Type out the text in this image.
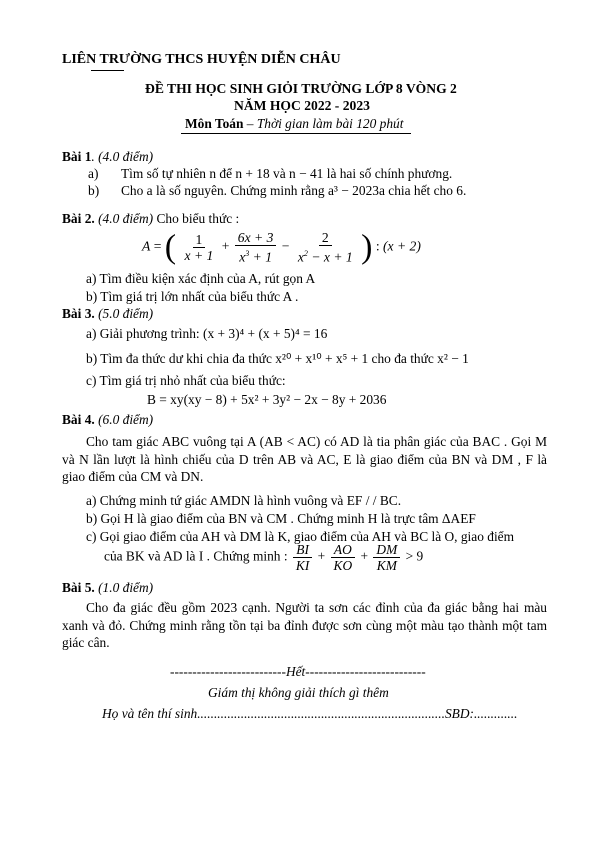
LIÊN TRƯỜNG THCS HUYỆN DIỄN CHÂU
ĐỀ THI HỌC SINH GIỎI TRƯỜNG LỚP 8 VÒNG 2
NĂM HỌC 2022 - 2023
Môn Toán – Thời gian làm bài 120 phút
Bài 1. (4.0 điểm)
a) Tìm số tự nhiên n để n + 18 và n − 41 là hai số chính phương.
b) Cho a là số nguyên. Chứng minh rằng a³ − 2023a chia hết cho 6.
Bài 2. (4.0 điểm) Cho biểu thức :
A = ( $\frac{1}{x + 1} + \frac{6x + 3}{x^3 + 1} - \frac{2}{x^2 - x + 1}$ ) : (x + 2)
a) Tìm điều kiện xác định của A, rút gọn A
b) Tìm giá trị lớn nhất của biểu thức A .
Bài 3. (5.0 điểm)
a) Giải phương trình: (x + 3)⁴ + (x + 5)⁴ = 16
b) Tìm đa thức dư khi chia đa thức x²⁰ + x¹⁰ + x⁵ + 1 cho đa thức x² − 1
c) Tìm giá trị nhỏ nhất của biểu thức:
B = xy(xy − 8) + 5x² + 3y² − 2x − 8y + 2036
Bài 4. (6.0 điểm)
Cho tam giác ABC vuông tại A (AB < AC) có AD là tia phân giác của BAC . Gọi M và N lần lượt là hình chiếu của D trên AB và AC, E là giao điểm của BN và DM , F là giao điểm của CM và DN.
a) Chứng minh tứ giác AMDN là hình vuông và EF / / BC.
b) Gọi H là giao điểm của BN và CM . Chứng minh H là trực tâm ΔAEF
c) Gọi giao điểm của AH và DM là K, giao điểm của AH và BC là O, giao điểm
của BK và AD là I . Chứng minh : $\frac{BI}{KI} + \frac{AO}{KO} + \frac{DM}{KM} > 9$
Bài 5. (1.0 điểm)
Cho đa giác đều gồm 2023 cạnh. Người ta sơn các đỉnh của đa giác bằng hai màu xanh và đỏ. Chứng minh rằng tồn tại ba đỉnh được sơn cùng một màu tạo thành một tam giác cân.
--------------------------Hết---------------------------
Giám thị không giải thích gì thêm
Họ và tên thí sinh..........................................................................SBD:.............
